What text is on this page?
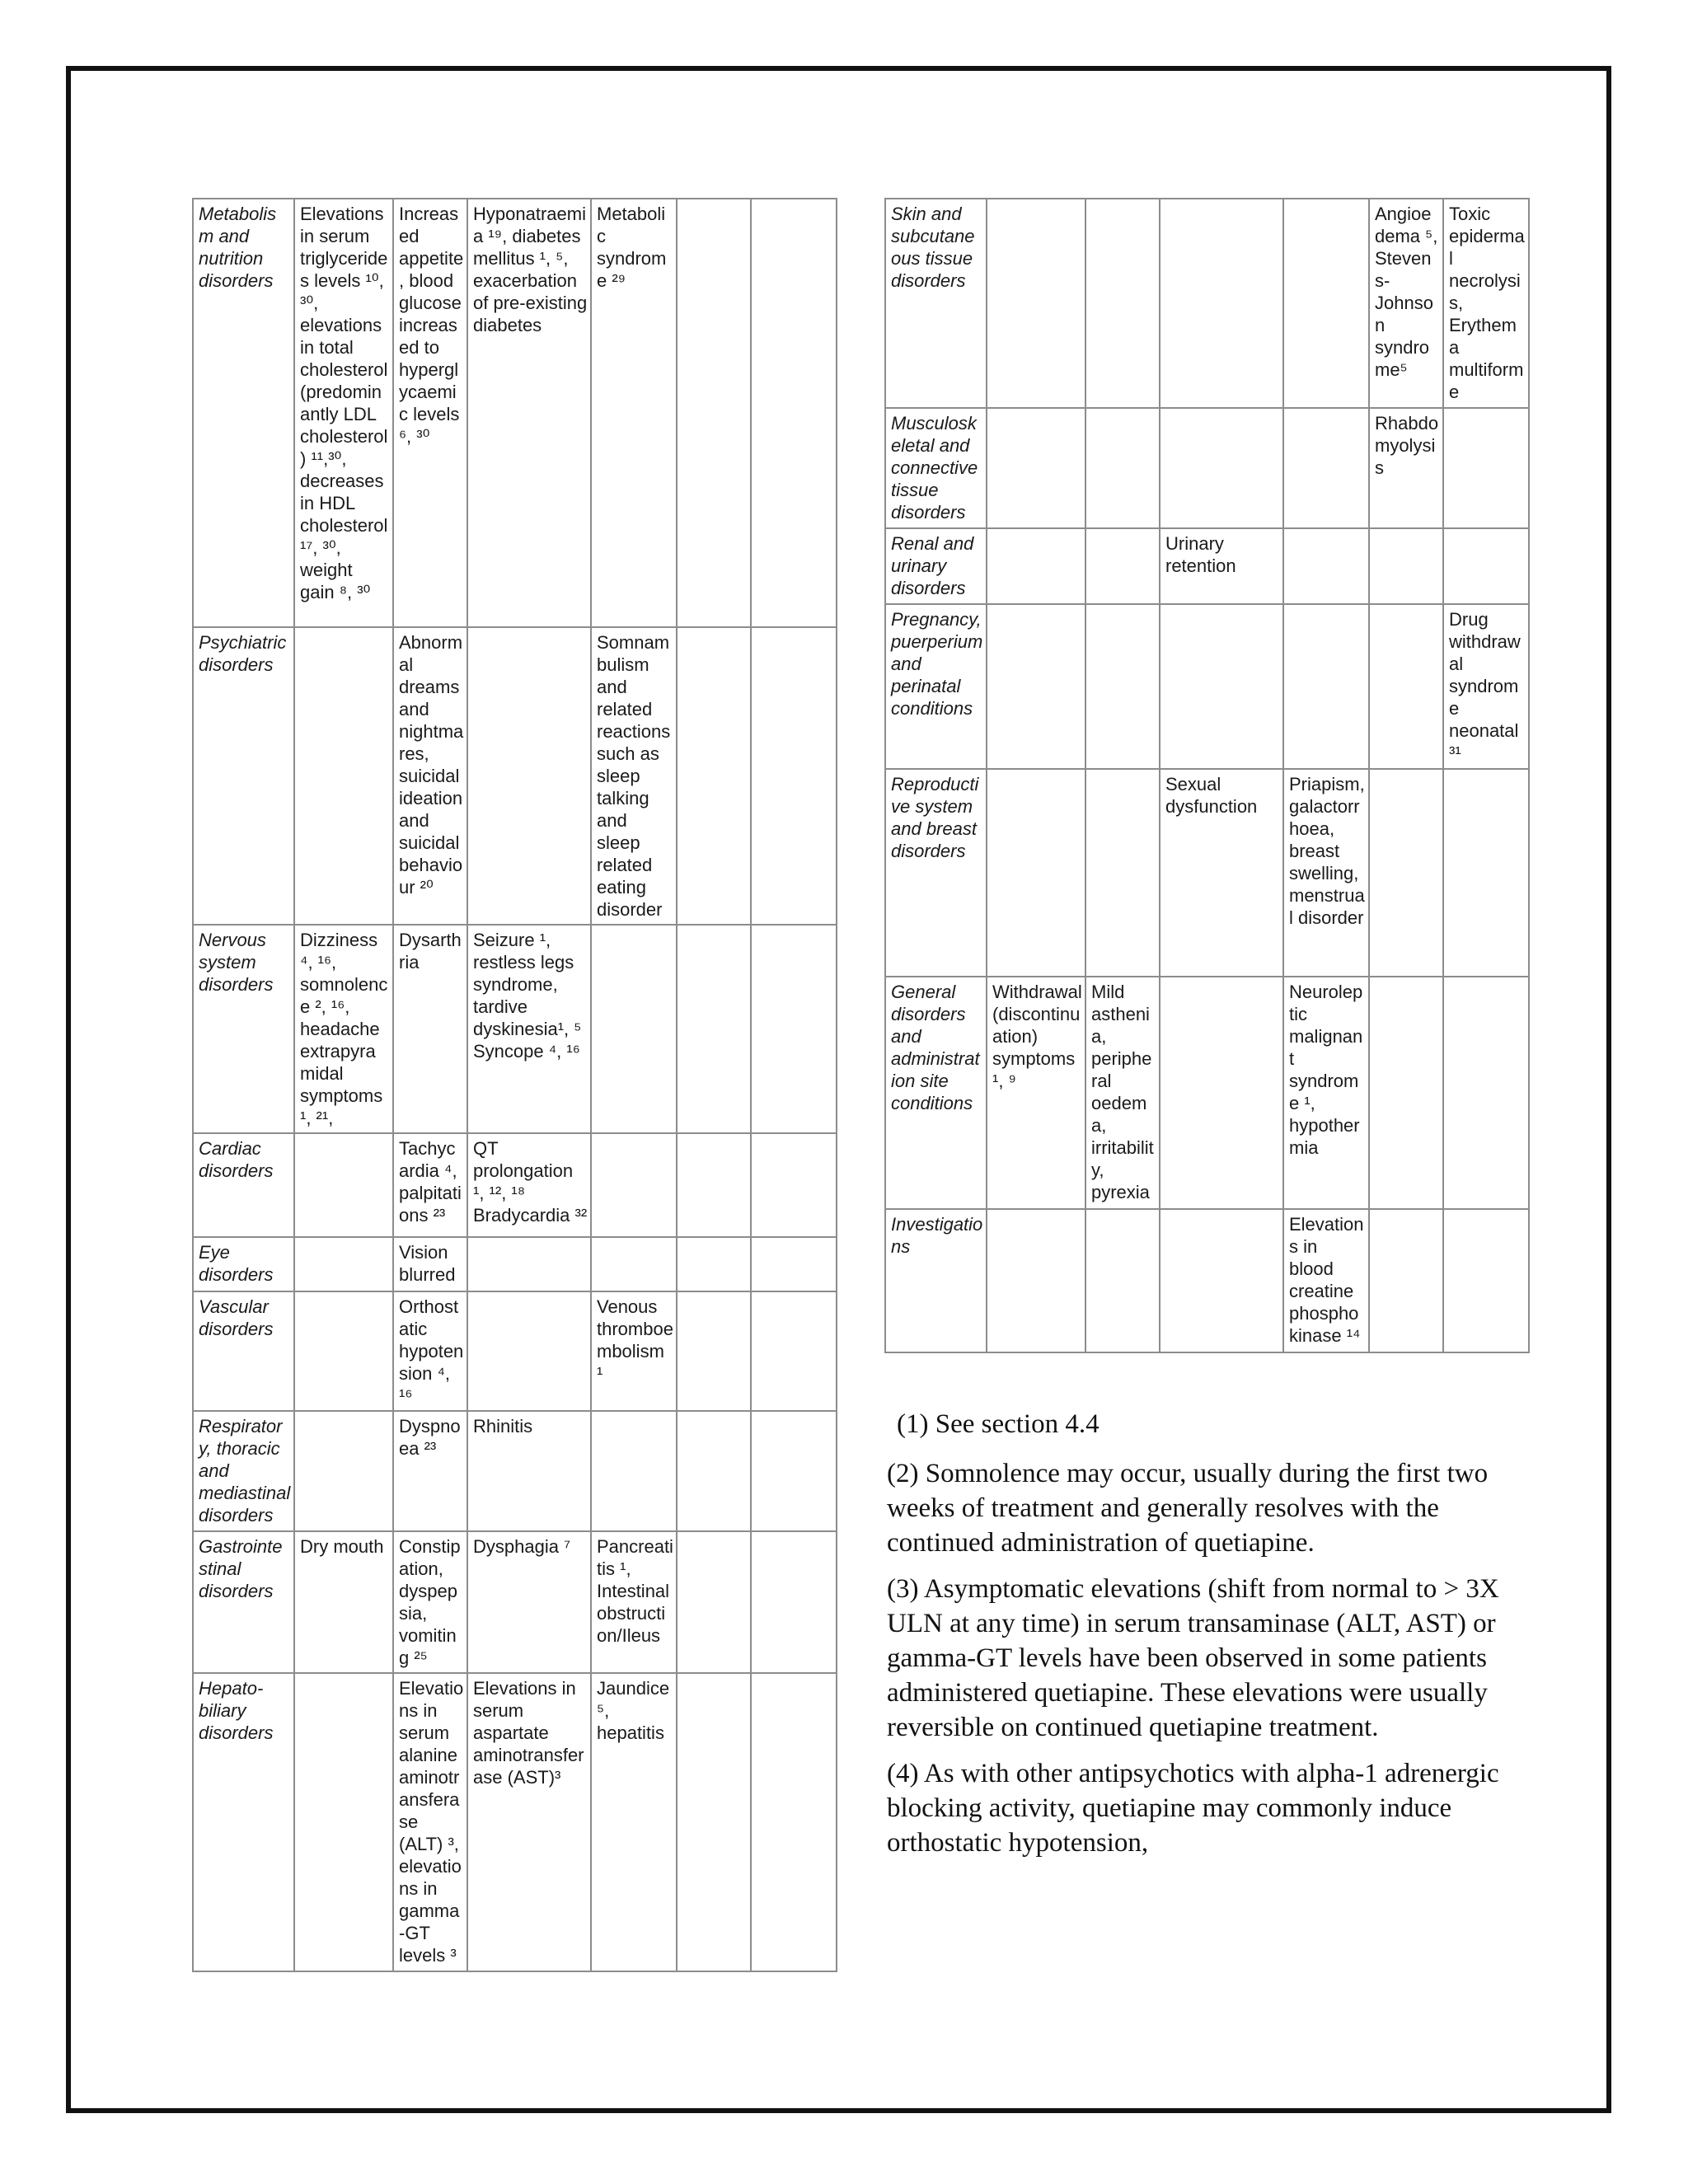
Metabolism and nutrition disorders	Elevations in serum triglycerides levels ¹⁰, ³⁰, elevations in total cholesterol (predominantly LDL cholesterol) ¹¹,³⁰, decreases in HDL cholesterol ¹⁷, ³⁰, weight gain ⁸, ³⁰	Increased appetite, blood glucose increased to hyperglycaemic levels ⁶, ³⁰	Hyponatraemia ¹⁹, diabetes mellitus ¹, ⁵, exacerbation of pre-existing diabetes	Metabolic syndrome ²⁹		
Psychiatric disorders		Abnormal dreams and nightmares, suicidal ideation and suicidal behaviour ²⁰		Somnambulism and related reactions such as sleep talking and sleep related eating disorder		
Nervous system disorders	Dizziness ⁴, ¹⁶, somnolence ², ¹⁶, headache extrapyramidal symptoms ¹, ²¹,	Dysarthria	Seizure ¹, restless legs syndrome, tardive dyskinesia¹, ⁵ Syncope ⁴, ¹⁶			
Cardiac disorders		Tachycardia ⁴, palpitations ²³	QT prolongation ¹, ¹², ¹⁸ Bradycardia ³²			
Eye disorders		Vision blurred				
Vascular disorders		Orthostatic hypotension ⁴, ¹⁶		Venous thromboembolism ¹		
Respiratory, thoracic and mediastinal disorders		Dyspnoea ²³	Rhinitis			
Gastrointestinal disorders	Dry mouth	Constipation, dyspepsia, vomiting ²⁵	Dysphagia ⁷	Pancreatitis ¹, Intestinal obstruction/Ileus		
Hepato-biliary disorders		Elevations in serum alanine aminotransferase (ALT) ³, elevations in gamma-GT levels ³	Elevations in serum aspartate aminotransferase (AST)³	Jaundice ⁵, hepatitis		
Skin and subcutaneous tissue disorders					Angioedema ⁵, Stevens-Johnson syndrome⁵	Toxic epidermal necrolysis, Erythema multiforme
Musculoskeletal and connective tissue disorders					Rhabdomyolysis	
Renal and urinary disorders			Urinary retention			
Pregnancy, puerperium and perinatal conditions						Drug withdrawal syndrome neonatal ³¹
Reproductive system and breast disorders			Sexual dysfunction	Priapism, galactorrhoea, breast swelling, menstrual disorder		
General disorders and administration site conditions	Withdrawal (discontinuation) symptoms ¹, ⁹	Mild asthenia, peripheral oedema, irritability, pyrexia		Neuroleptic malignant syndrome ¹, hypothermia		
Investigations				Elevations in blood creatine phosphokinase ¹⁴		

(1) See section 4.4

(2) Somnolence may occur, usually during the first two weeks of treatment and generally resolves with the continued administration of quetiapine.

(3) Asymptomatic elevations (shift from normal to > 3X ULN at any time) in serum transaminase (ALT, AST) or gamma-GT levels have been observed in some patients administered quetiapine. These elevations were usually reversible on continued quetiapine treatment.

(4) As with other antipsychotics with alpha-1 adrenergic blocking activity, quetiapine may commonly induce orthostatic hypotension,
